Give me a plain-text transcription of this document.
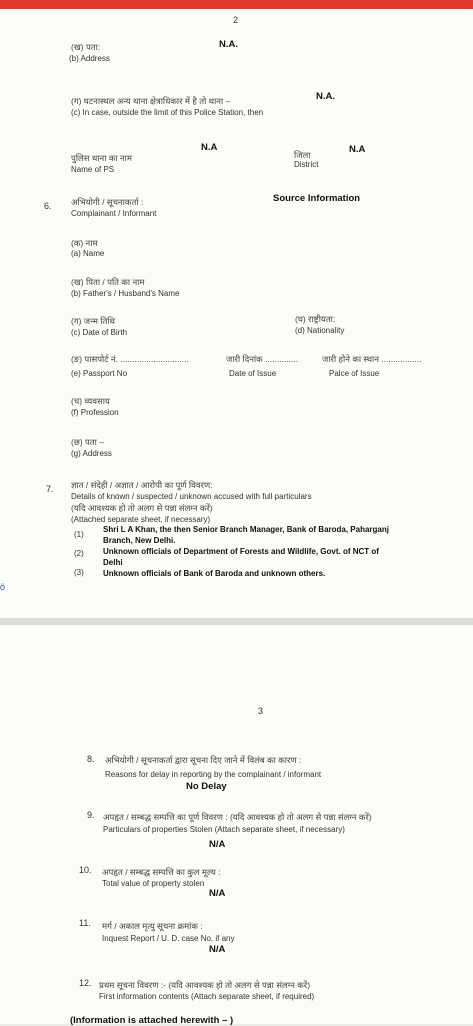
2
(ख) पता:
(b) Address
N.A.
(ग) घटनास्थल अन्य थाना क्षेत्राधिकार में है तो थाना –
(c) In case, outside the limit of this Police Station, then
N.A.
पुलिस थाना का नाम
Name of PS
N.A
जिला
District
N.A
6. अभियोगी / सूचनाकर्ता :
Complainant / Informant
Source Information
(क) नाम
(a) Name
(ख) पिता / पति का नाम
(b) Father's / Husband's Name
(ग) जन्म तिथि
(c) Date of Birth
(घ) राष्ट्रीयता:
(d) Nationality
(ङ) पासपोर्ट नं. .............................
(e) Passport No
जारी दिनांक ..............
Date of Issue
जारी होने का स्थान .................
Palce of Issue
(च) व्यवसाय
(f) Profession
(छ) पता –
(g) Address
7. ज्ञात / संदेही / अज्ञात / आरोपी का पूर्ण विवरण:
Details of known / suspected / unknown accused with full particulars
(यदि आवश्यक हो तो अलग से पन्ना संलग्न करें)
(Attached separate sheet, if necessary)
(1)
Shri L A Khan, the then Senior Branch Manager, Bank of Baroda, Paharganj
Branch, New Delhi.
(2) Unknown officials of Department of Forests and Wildlife, Govt. of NCT of
Delhi
(3) Unknown officials of Bank of Baroda and unknown others.
ö
3
8. अभियोगी / सूचनाकर्ता द्वारा सूचना दिए जाने में विलंब का कारण :
Reasons for delay in reporting by the complainant / informant
No Delay
9. अपहृत / सम्बद्ध सम्पत्ति का पूर्ण विवरण : (यदि आवश्यक हो तो अलग से पन्ना संलग्न करें)
Particulars of properties Stolen (Attach separate sheet, if necessary)
N/A
10. अपहृत / सम्बद्ध सम्पत्ति का कुल मूल्य :
Total value of property stolen
N/A
11. मर्ग / अकाल मृत्यु सूचना क्रमांक :
Inquest Report / U. D. case No. if any
N/A
12. प्रथम सूचना विवरण :- (यदि आवश्यक हो तो अलग से पन्ना संलग्न करें)
First information contents (Attach separate sheet, if required)
(Information is attached herewith – )
